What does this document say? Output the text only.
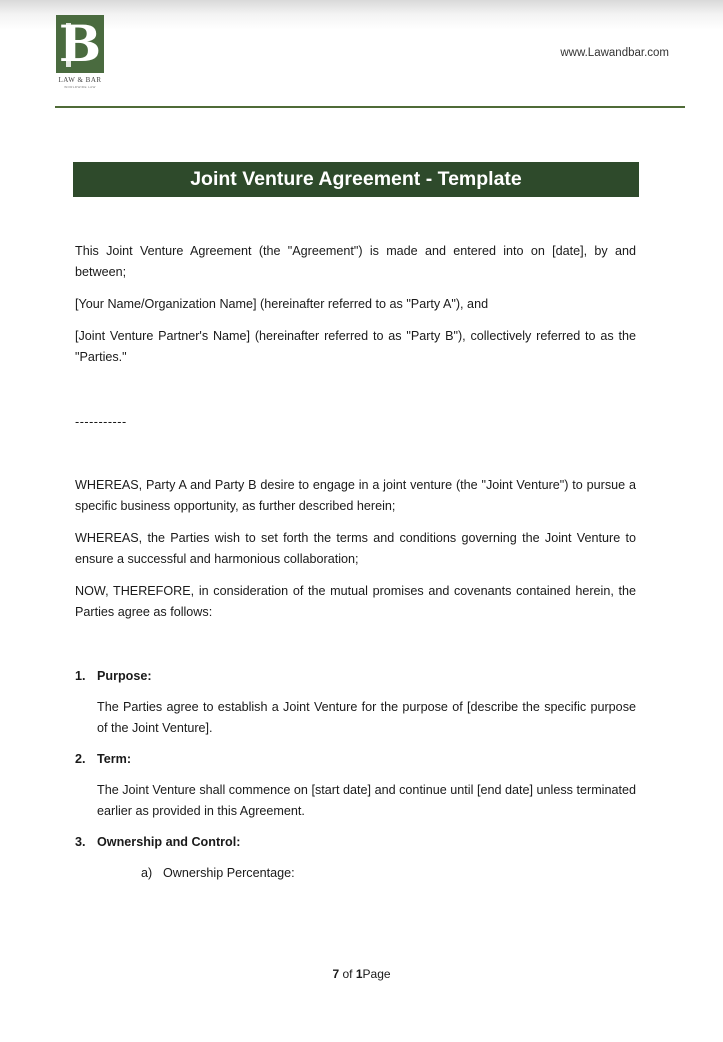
B
LAW & BAR
WORLDWIDE LAW
www.Lawandbar.com
Joint Venture Agreement - Template

This Joint Venture Agreement (the "Agreement") is made and entered into on [date], by and between;

[Your Name/Organization Name] (hereinafter referred to as "Party A"), and

[Joint Venture Partner's Name] (hereinafter referred to as "Party B"), collectively referred to as the "Parties."

-----------

WHEREAS, Party A and Party B desire to engage in a joint venture (the "Joint Venture") to pursue a specific business opportunity, as further described herein;

WHEREAS, the Parties wish to set forth the terms and conditions governing the Joint Venture to ensure a successful and harmonious collaboration;

NOW, THEREFORE, in consideration of the mutual promises and covenants contained herein, the Parties agree as follows:

1. Purpose:
The Parties agree to establish a Joint Venture for the purpose of [describe the specific purpose of the Joint Venture].
2. Term:
The Joint Venture shall commence on [start date] and continue until [end date] unless terminated earlier as provided in this Agreement.
3. Ownership and Control:
a) Ownership Percentage:
7 of 1Page
